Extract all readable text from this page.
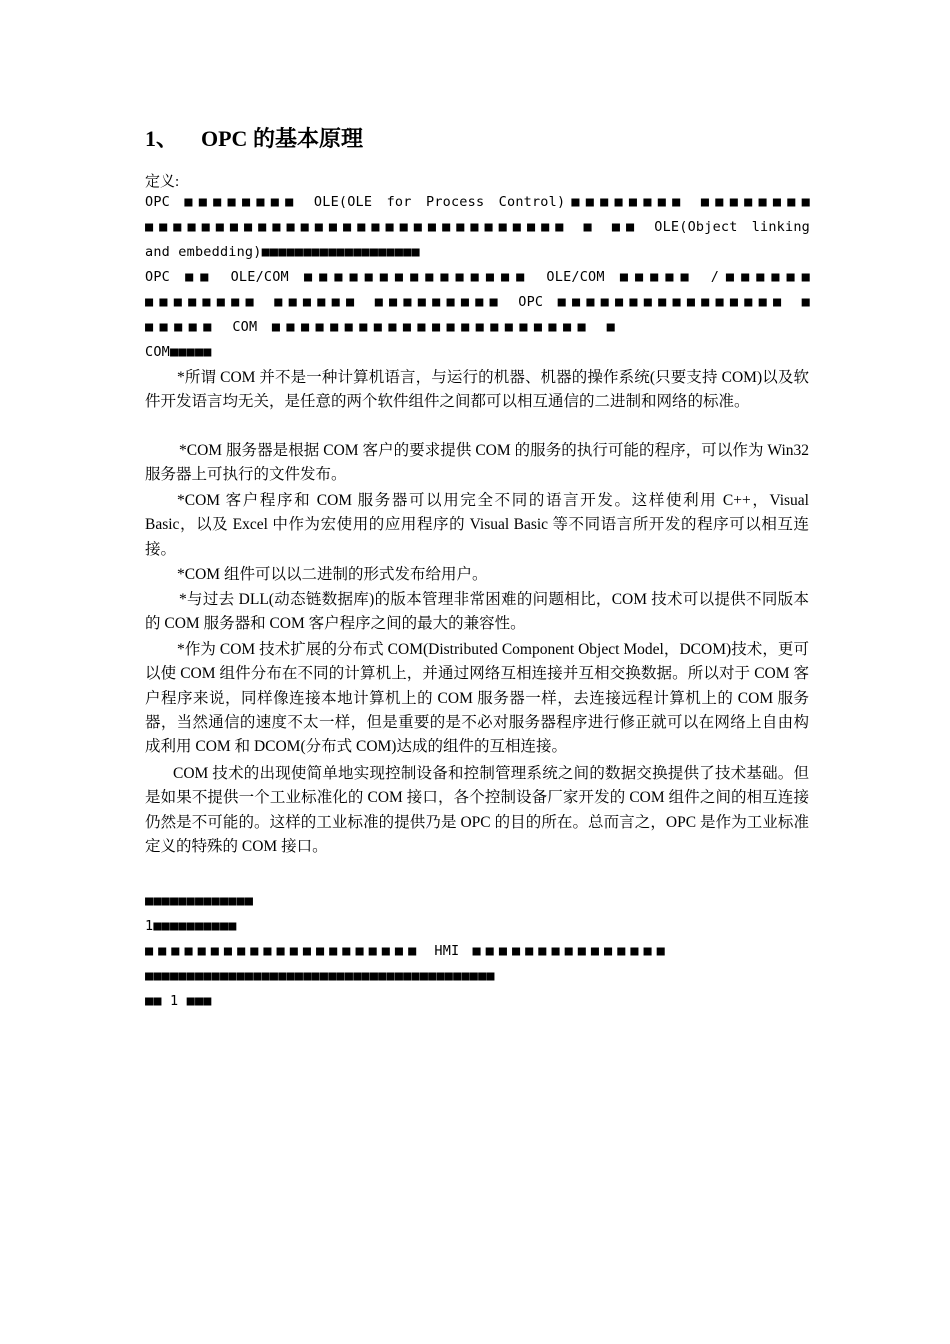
1、 OPC 的基本原理
定义:
OPC ■■■■■■■■ OLE(OLE for Process Control)■■■■■■■■ ■■■■■■■■
■■■■■■■■■■■■■■■■■■■■■■■■■■■■■■ ■ ■■ OLE(Object linking
and embedding)■■■■■■■■■■■■■■■■■■■
OPC ■■ OLE/COM ■■■■■■■■■■■■■■■ OLE/COM ■■■■■ /■■■■■■
■■■■■■■■ ■■■■■■ ■■■■■■■■■ OPC ■■■■■■■■■■■■■■■■ ■
■■■■■ COM ■■■■■■■■■■■■■■■■■■■■■■ ■
COM■■■■■

*所谓 COM 并不是一种计算机语言，与运行的机器、机器的操作系统(只要支持 COM)以及软件开发语言均无关，是任意的两个软件组件之间都可以相互通信的二进制和网络的标准。

*COM 服务器是根据 COM 客户的要求提供 COM 的服务的执行可能的程序，可以作为 Win32 服务器上可执行的文件发布。

*COM 客户程序和 COM 服务器可以用完全不同的语言开发。这样使利用 C++，Visual Basic，以及 Excel 中作为宏使用的应用程序的 Visual Basic 等不同语言所开发的程序可以相互连接。

*COM 组件可以以二进制的形式发布给用户。

*与过去 DLL(动态链数据库)的版本管理非常困难的问题相比，COM 技术可以提供不同版本的 COM 服务器和 COM 客户程序之间的最大的兼容性。

*作为 COM 技术扩展的分布式 COM(Distributed Component Object Model，DCOM)技术，更可以使 COM 组件分布在不同的计算机上，并通过网络互相连接并互相交换数据。所以对于 COM 客户程序来说，同样像连接本地计算机上的 COM 服务器一样，去连接远程计算机上的 COM 服务器，当然通信的速度不太一样，但是重要的是不必对服务器程序进行修正就可以在网络上自由构成利用 COM 和 DCOM(分布式 COM)达成的组件的互相连接。

COM 技术的出现使简单地实现控制设备和控制管理系统之间的数据交换提供了技术基础。但是如果不提供一个工业标准化的 COM 接口，各个控制设备厂家开发的 COM 组件之间的相互连接仍然是不可能的。这样的工业标准的提供乃是 OPC 的目的所在。总而言之，OPC 是作为工业标准定义的特殊的 COM 接口。

■■■■■■■■■■■■■
1■■■■■■■■■■
■■■■■■■■■■■■■■■■■■■■■ HMI ■■■■■■■■■■■■■■■
■■■■■■■■■■■■■■■■■■■■■■■■■■■■■■■■■■■■■■■■■■
■■ 1 ■■■
